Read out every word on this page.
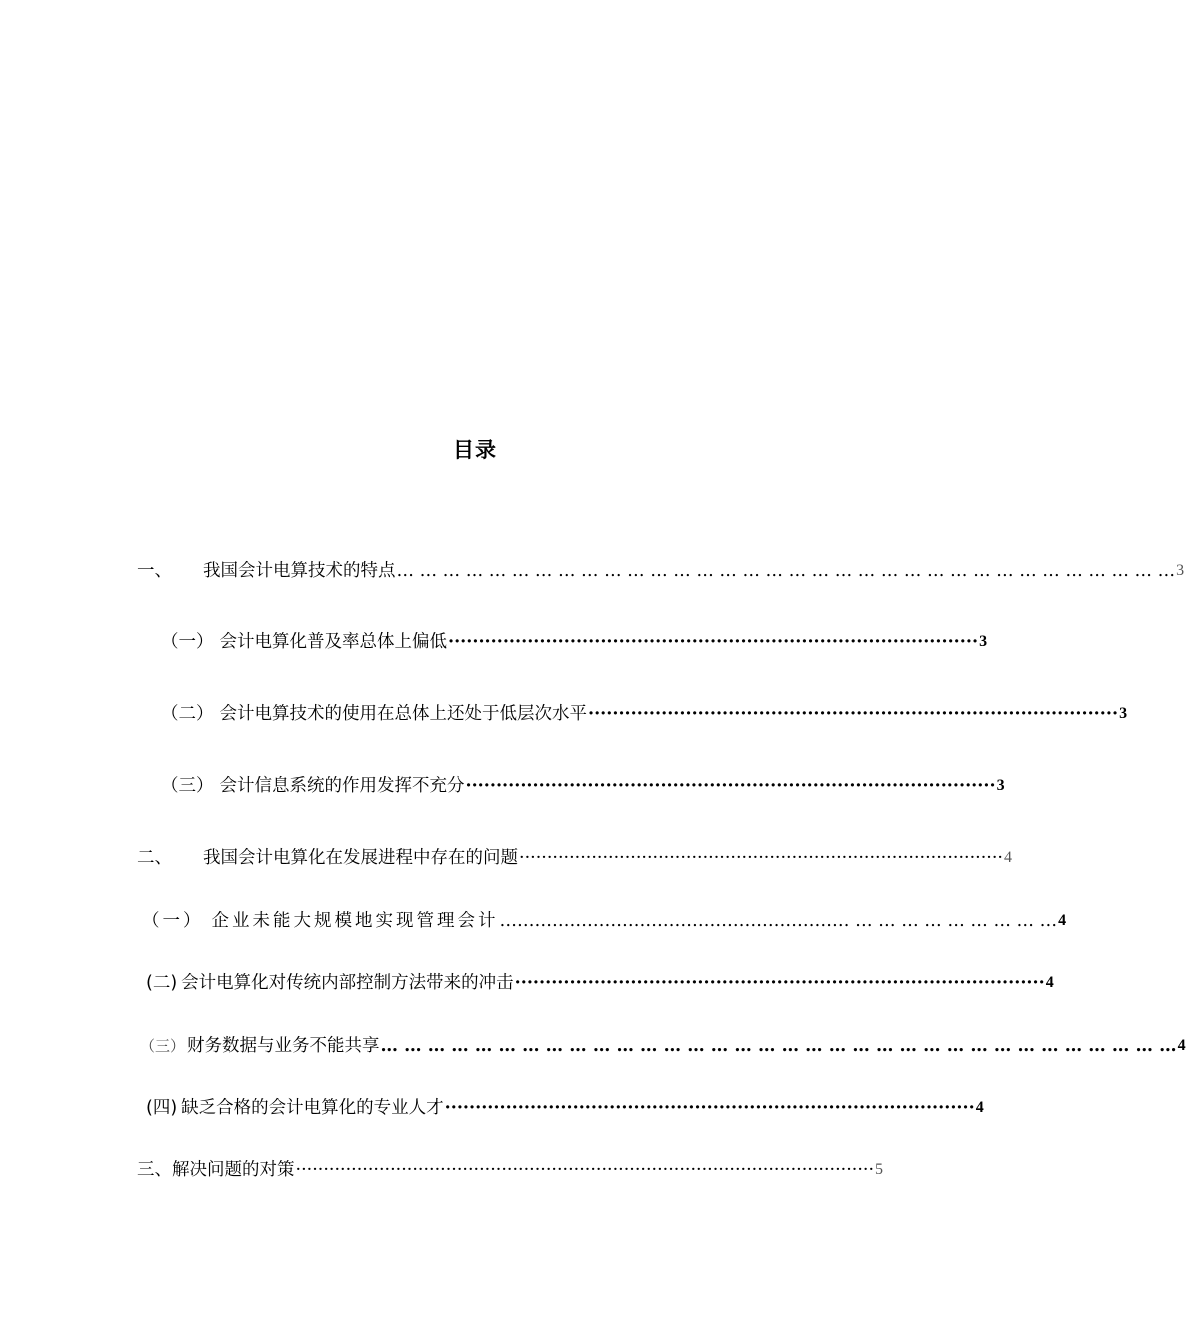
目录
一、	我国会计电算技术的特点 … … … … … … … … … … … … … … … … … … … … … … … … … … … … … … … … … … 3
（一） 会计电算化普及率总体上偏低 ······················································································· 3
（二） 会计电算技术的使用在总体上还处于低层次水平 ······················································································· 3
（三） 会计信息系统的作用发挥不充分 ······················································································· 3
二、	我国会计电算化在发展进程中存在的问题 ······················································································· 4
（一） 企业未能大规模地实现管理会计 …………………………………………………… … … … … … … … … … 4
(二) 会计电算化对传统内部控制方法带来的冲击 ······················································································· 4
（三） 财务数据与业务不能共享 … … … … … … … … … … … … … … … … … … … … … … … … … … … … … … … … … … 4
(四) 缺乏合格的会计电算化的专业人才 ······················································································· 4
三、 解决问题的对策 ········································································································ 5
